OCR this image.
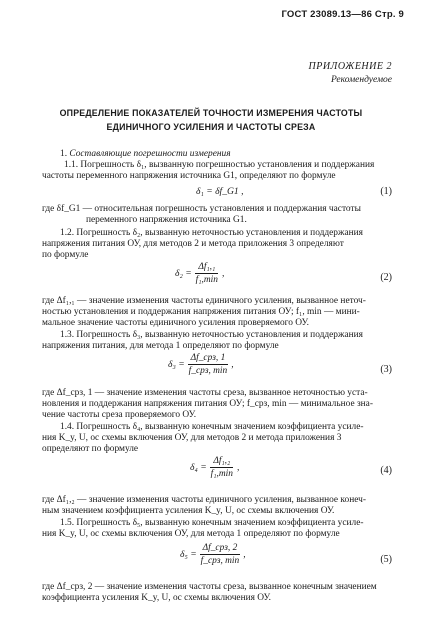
ГОСТ 23089.13—86 Стр. 9
ПРИЛОЖЕНИЕ 2
Рекомендуемое
ОПРЕДЕЛЕНИЕ ПОКАЗАТЕЛЕЙ ТОЧНОСТИ ИЗМЕРЕНИЯ ЧАСТОТЫ
ЕДИНИЧНОГО УСИЛЕНИЯ И ЧАСТОТЫ СРЕЗА
1. Составляющие погрешности измерения
1.1. Погрешность δ₁, вызванную погрешностью установления и поддержания
частоты переменного напряжения источника G1, определяют по формуле
δ₁ = δf_G1 ,	(1)
где δf_G1 — относительная погрешность установления и поддержания частоты
переменного напряжения источника G1.
1.2. Погрешность δ₂, вызванную неточностью установления и поддержания
напряжения питания ОУ, для методов 2 и метода приложения 3 определяют
по формуле
$\delta_2 = \frac{\text{Δf₁,₁}}{\text{f₁,min}}$ ,	(2)
где Δf₁,₁ — значение изменения частоты единичного усиления, вызванное неточ-
ностью установления и поддержания напряжения питания ОУ; f₁, min — мини-
мальное значение частоты единичного усиления проверяемого ОУ.
1.3. Погрешность δ₃, вызванную неточностью установления и поддержания
напряжения питания, для метода 1 определяют по формуле
$\delta_3 = \frac{\text{Δf\_cpз, 1}}{\text{f\_cpз, min}}$ ,	(3)
где Δf_cpз, 1 — значение изменения частоты среза, вызванное неточностью уста-
новления и поддержания напряжения питания ОУ; f_cpз, min — минимальное зна-
чение частоты среза проверяемого ОУ.
1.4. Погрешность δ₄, вызванную конечным значением коэффициента усиле-
ния K_y, U, oc схемы включения ОУ, для методов 2 и метода приложения 3
определяют по формуле
$\delta_4 = \frac{\text{Δf₁,₂}}{\text{f₁,min}}$ ,	(4)
где Δf₁,₂ — значение изменения частоты единичного усиления, вызванное конеч-
ным значением коэффициента усиления K_y, U, oc схемы включения ОУ.
1.5. Погрешность δ₅, вызванную конечным значением коэффициента усиле-
ния K_y, U, oc схемы включения ОУ, для метода 1 определяют по формуле
$\delta_5 = \frac{\text{Δf\_cpз, 2}}{\text{f\_cpз, min}}$ ,	(5)
где Δf_cpз, 2 — значение изменения частоты среза, вызванное конечным значением
коэффициента усиления K_y, U, oc схемы включения ОУ.
